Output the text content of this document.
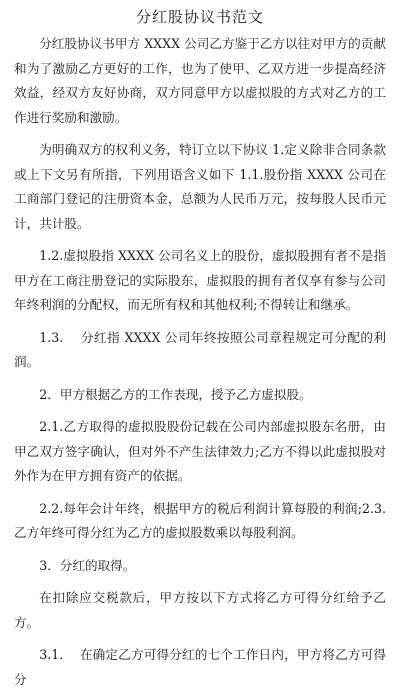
分红股协议书范文

分红股协议书甲方 XXXX 公司乙方鉴于乙方以往对甲方的贡献和为了激励乙方更好的工作，也为了使甲、乙双方进一步提高经济效益，经双方友好协商，双方同意甲方以虚拟股的方式对乙方的工作进行奖励和激励。

为明确双方的权利义务，特订立以下协议 1.定义除非合同条款或上下文另有所指，下列用语含义如下 1.1.股份指 XXXX 公司在工商部门登记的注册资本金，总额为人民币万元，按每股人民币元计，共计股。

1.2.虚拟股指 XXXX 公司名义上的股份，虚拟股拥有者不是指甲方在工商注册登记的实际股东，虚拟股的拥有者仅享有参与公司年终利润的分配权，而无所有权和其他权利;不得转让和继承。

1.3.    分红指 XXXX 公司年终按照公司章程规定可分配的利润。

2．甲方根据乙方的工作表现，授予乙方虚拟股。

2.1.乙方取得的虚拟股股份记载在公司内部虚拟股东名册，由甲乙双方签字确认，但对外不产生法律效力;乙方不得以此虚拟股对外作为在甲方拥有资产的依据。

2.2.每年会计年终，根据甲方的税后利润计算每股的利润;2.3.乙方年终可得分红为乙方的虚拟股数乘以每股利润。

3．分红的取得。

在扣除应交税款后，甲方按以下方式将乙方可得分红给予乙方。

3.1.    在确定乙方可得分红的七个工作日内，甲方将乙方可得分
